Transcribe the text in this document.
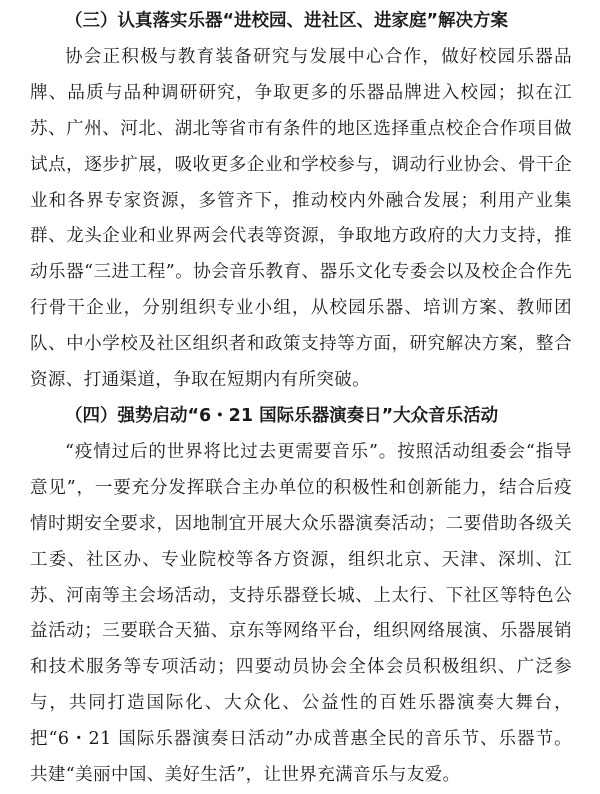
（三）认真落实乐器“进校园、进社区、进家庭”解决方案

协会正积极与教育装备研究与发展中心合作，做好校园乐器品牌、品质与品种调研研究，争取更多的乐器品牌进入校园；拟在江苏、广州、河北、湖北等省市有条件的地区选择重点校企合作项目做试点，逐步扩展，吸收更多企业和学校参与，调动行业协会、骨干企业和各界专家资源，多管齐下，推动校内外融合发展；利用产业集群、龙头企业和业界两会代表等资源，争取地方政府的大力支持，推动乐器“三进工程”。协会音乐教育、器乐文化专委会以及校企合作先行骨干企业，分别组织专业小组，从校园乐器、培训方案、教师团队、中小学校及社区组织者和政策支持等方面，研究解决方案，整合资源、打通渠道，争取在短期内有所突破。

（四）强势启动“6・21 国际乐器演奏日”大众音乐活动

“疫情过后的世界将比过去更需要音乐”。按照活动组委会“指导意见”，一要充分发挥联合主办单位的积极性和创新能力，结合后疫情时期安全要求，因地制宜开展大众乐器演奏活动；二要借助各级关工委、社区办、专业院校等各方资源，组织北京、天津、深圳、江苏、河南等主会场活动，支持乐器登长城、上太行、下社区等特色公益活动；三要联合天猫、京东等网络平台，组织网络展演、乐器展销和技术服务等专项活动；四要动员协会全体会员积极组织、广泛参与，共同打造国际化、大众化、公益性的百姓乐器演奏大舞台，把“6・21 国际乐器演奏日活动”办成普惠全民的音乐节、乐器节。共建“美丽中国、美好生活”，让世界充满音乐与友爱。
